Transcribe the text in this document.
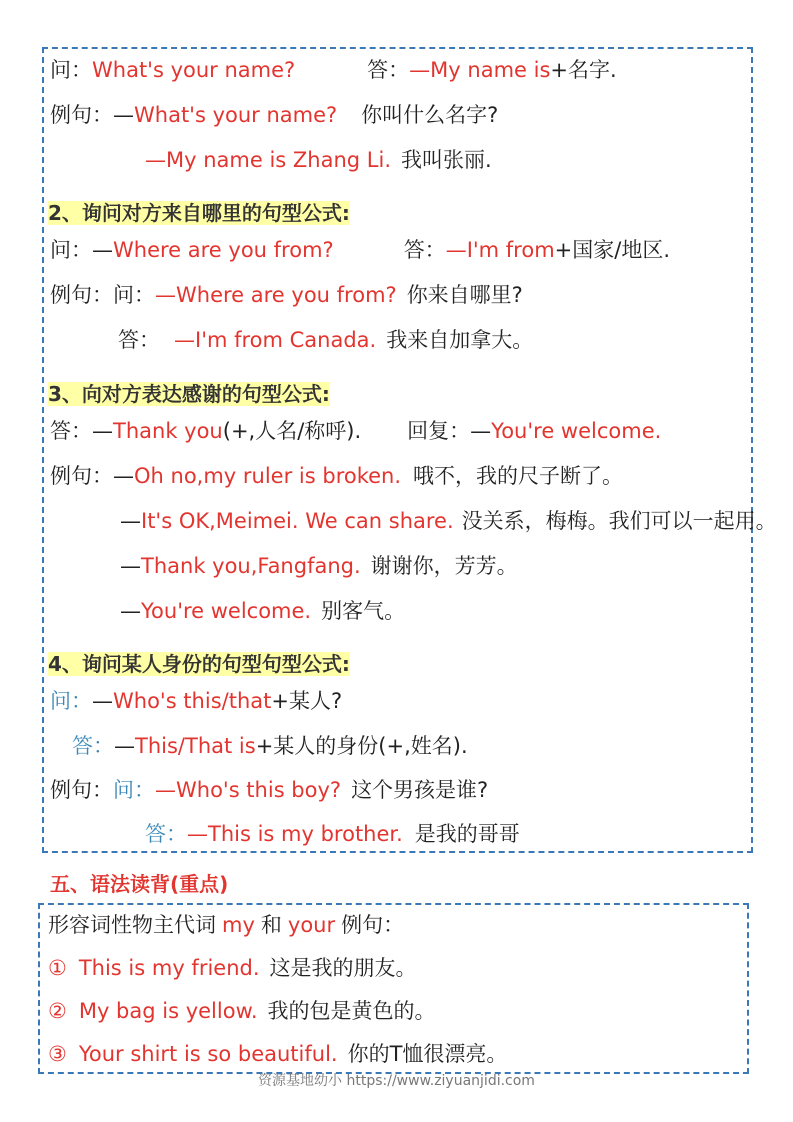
问：What's your name?	答：—My name is+名字.
例句：—What's your name? 你叫什么名字?
—My name is Zhang Li. 我叫张丽.
2、询问对方来自哪里的句型公式:
问：—Where are you from?	答：—I'm from+国家/地区.
例句：问：—Where are you from? 你来自哪里?
答： —I'm from Canada. 我来自加拿大。
3、向对方表达感谢的句型公式:
答：—Thank you(+,人名/称呼). 回复：—You're welcome.
例句：—Oh no,my ruler is broken. 哦不，我的尺子断了。
—It's OK,Meimei. We can share. 没关系，梅梅。我们可以一起用。
—Thank you,Fangfang. 谢谢你，芳芳。
—You're welcome. 别客气。
4、询问某人身份的句型句型公式:
问：—Who's this/that+某人?
答：—This/That is+某人的身份(+,姓名).
例句：问：—Who's this boy? 这个男孩是谁?
答：—This is my brother. 是我的哥哥
五、语法读背(重点)
形容词性物主代词 my 和 your 例句：
① This is my friend. 这是我的朋友。
② My bag is yellow. 我的包是黄色的。
③ Your shirt is so beautiful. 你的T恤很漂亮。
资源基地幼小 https://www.ziyuanjidi.com
